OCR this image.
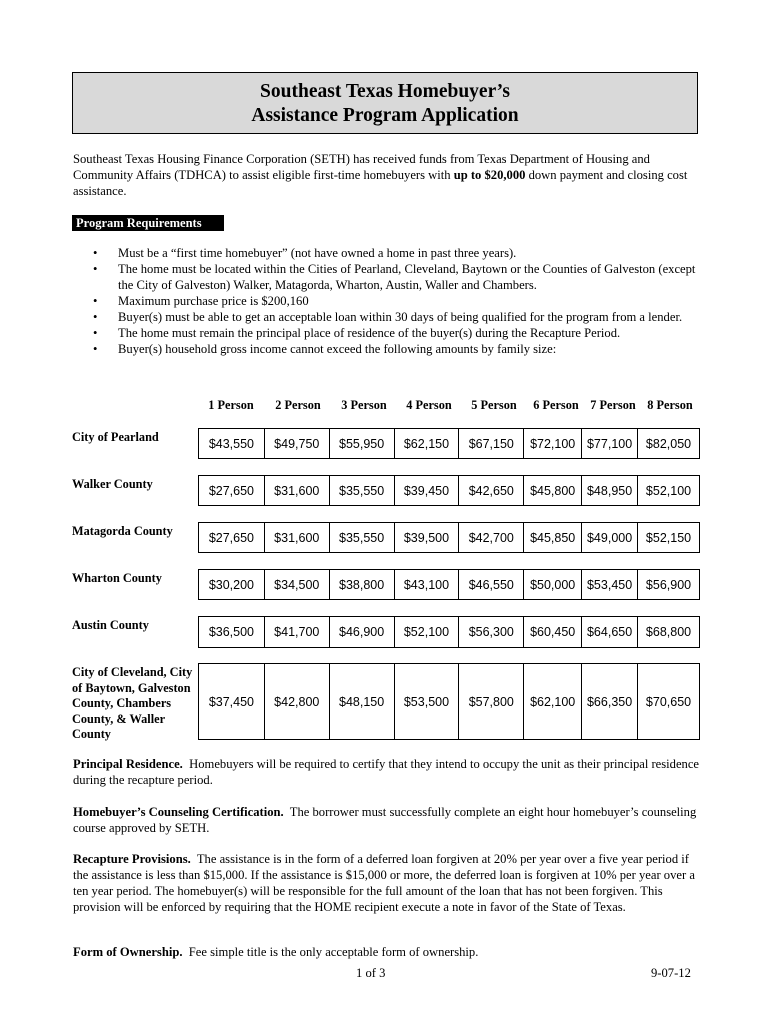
Southeast Texas Homebuyer’s
Assistance Program Application
Southeast Texas Housing Finance Corporation (SETH) has received funds from Texas Department of Housing and Community Affairs (TDHCA) to assist eligible first-time homebuyers with up to $20,000 down payment and closing cost assistance.
Program Requirements
• Must be a “first time homebuyer” (not have owned a home in past three years).
• The home must be located within the Cities of Pearland, Cleveland, Baytown or the Counties of Galveston (except the City of Galveston) Walker, Matagorda, Wharton, Austin, Waller and Chambers.
• Maximum purchase price is $200,160
• Buyer(s) must be able to get an acceptable loan within 30 days of being qualified for the program from a lender.
• The home must remain the principal place of residence of the buyer(s) during the Recapture Period.
• Buyer(s) household gross income cannot exceed the following amounts by family size:
1 Person	2 Person	3 Person	4 Person	5 Person	6 Person 7 Person 8 Person
City of Pearland	$43,550	$49,750	$55,950	$62,150	$67,150	$72,100	$77,100	$82,050
Walker County	$27,650	$31,600	$35,550	$39,450	$42,650	$45,800	$48,950	$52,100
Matagorda County	$27,650	$31,600	$35,550	$39,500	$42,700	$45,850	$49,000	$52,150
Wharton County	$30,200	$34,500	$38,800	$43,100	$46,550	$50,000	$53,450	$56,900
Austin County	$36,500	$41,700	$46,900	$52,100	$56,300	$60,450	$64,650	$68,800
City of Cleveland, City of Baytown, Galveston County, Chambers County, & Waller County
$37,450	$42,800	$48,150	$53,500	$57,800	$62,100	$66,350	$70,650
Principal Residence. Homebuyers will be required to certify that they intend to occupy the unit as their principal residence during the recapture period.
Homebuyer’s Counseling Certification. The borrower must successfully complete an eight hour homebuyer’s counseling course approved by SETH.
Recapture Provisions. The assistance is in the form of a deferred loan forgiven at 20% per year over a five year period if the assistance is less than $15,000. If the assistance is $15,000 or more, the deferred loan is forgiven at 10% per year over a ten year period. The homebuyer(s) will be responsible for the full amount of the loan that has not been forgiven. This provision will be enforced by requiring that the HOME recipient execute a note in favor of the State of Texas.
Form of Ownership. Fee simple title is the only acceptable form of ownership.
1 of 3	9-07-12
